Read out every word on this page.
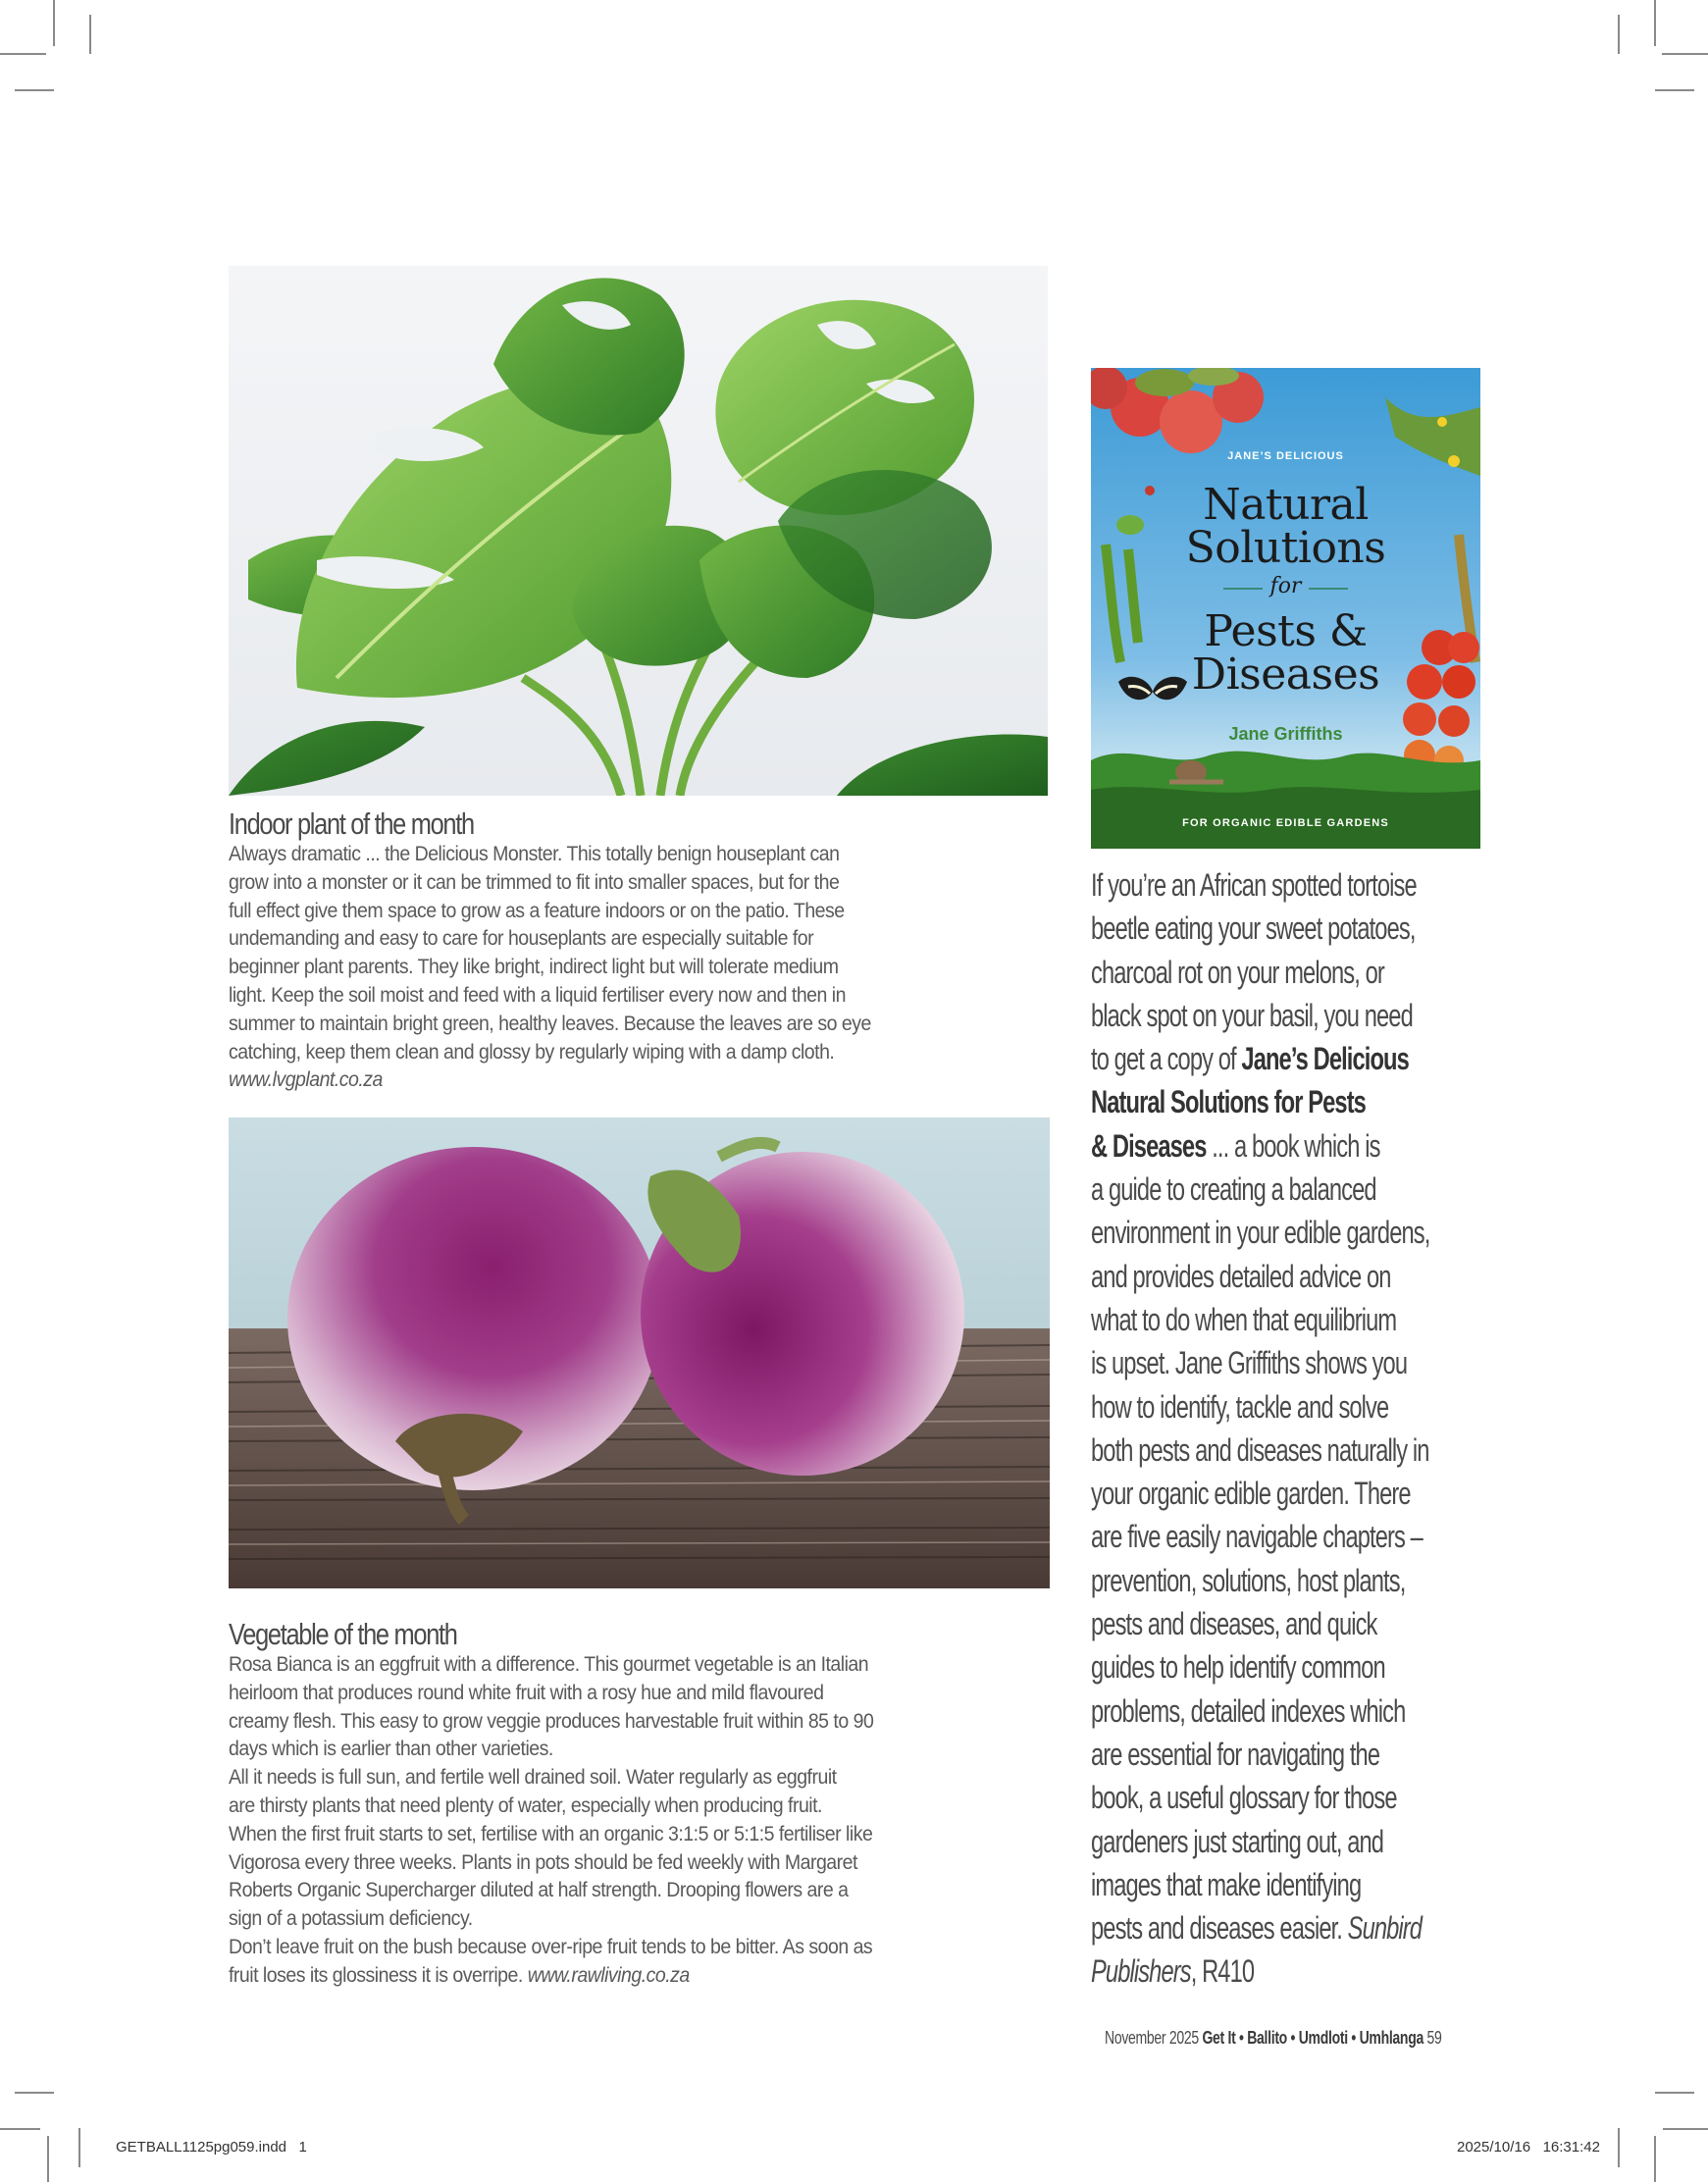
Indoor plant of the month
Always dramatic ... the Delicious Monster. This totally benign houseplant can
grow into a monster or it can be trimmed to fit into smaller spaces, but for the
full effect give them space to grow as a feature indoors or on the patio. These
undemanding and easy to care for houseplants are especially suitable for
beginner plant parents. They like bright, indirect light but will tolerate medium
light. Keep the soil moist and feed with a liquid fertiliser every now and then in
summer to maintain bright green, healthy leaves. Because the leaves are so eye
catching, keep them clean and glossy by regularly wiping with a damp cloth.
www.lvgplant.co.za
Vegetable of the month
Rosa Bianca is an eggfruit with a difference. This gourmet vegetable is an Italian
heirloom that produces round white fruit with a rosy hue and mild flavoured
creamy flesh. This easy to grow veggie produces harvestable fruit within 85 to 90
days which is earlier than other varieties.
All it needs is full sun, and fertile well drained soil. Water regularly as eggfruit
are thirsty plants that need plenty of water, especially when producing fruit.
When the first fruit starts to set, fertilise with an organic 3:1:5 or 5:1:5 fertiliser like
Vigorosa every three weeks. Plants in pots should be fed weekly with Margaret
Roberts Organic Supercharger diluted at half strength. Drooping flowers are a
sign of a potassium deficiency.
Don’t leave fruit on the bush because over-ripe fruit tends to be bitter. As soon as
fruit loses its glossiness it is overripe. www.rawliving.co.za
JANE’S DELICIOUS
Natural
Solutions
for
Pests &
Diseases
Jane Griffiths
FOR ORGANIC EDIBLE GARDENS
If you’re an African spotted tortoise
beetle eating your sweet potatoes,
charcoal rot on your melons, or
black spot on your basil, you need
to get a copy of Jane’s Delicious
Natural Solutions for Pests
& Diseases ... a book which is
a guide to creating a balanced
environment in your edible gardens,
and provides detailed advice on
what to do when that equilibrium
is upset. Jane Griffiths shows you
how to identify, tackle and solve
both pests and diseases naturally in
your organic edible garden. There
are five easily navigable chapters –
prevention, solutions, host plants,
pests and diseases, and quick
guides to help identify common
problems, detailed indexes which
are essential for navigating the
book, a useful glossary for those
gardeners just starting out, and
images that make identifying
pests and diseases easier. Sunbird
Publishers, R410
November 2025 Get It • Ballito • Umdloti • Umhlanga 59
GETBALL1125pg059.indd   1	2025/10/16   16:31:42
